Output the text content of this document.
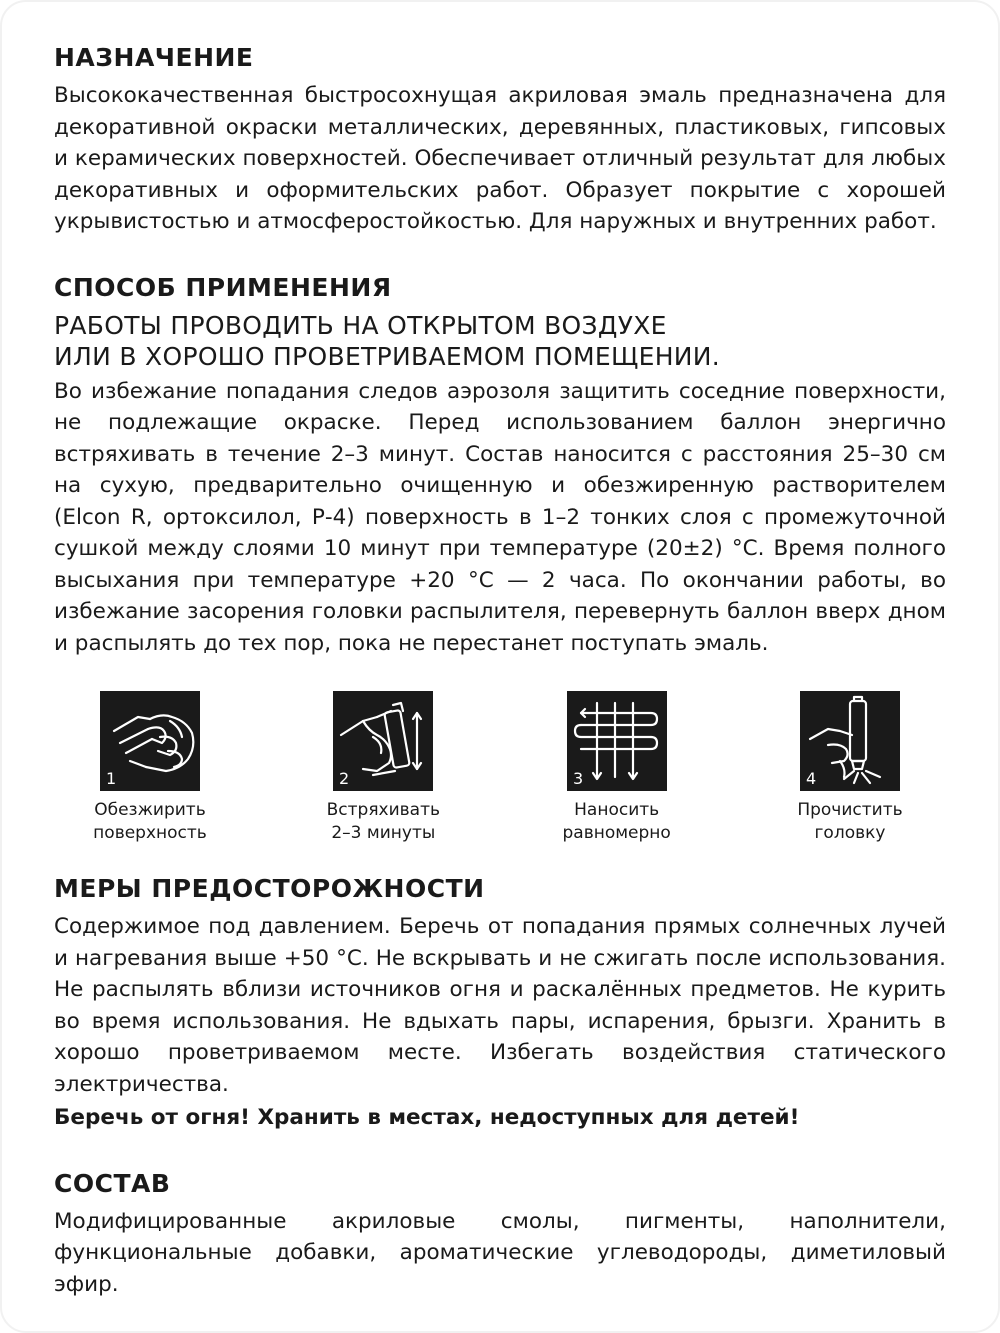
НАЗНАЧЕНИЕ

Высококачественная быстросохнущая акриловая эмаль предназначена для декоративной окраски металлических, деревянных, пластиковых, гипсовых и керамических поверхностей. Обеспечивает отличный результат для любых декоративных и оформительских работ. Образует покрытие с хорошей укрывистостью и атмосферостойкостью. Для наружных и внутренних работ.

СПОСОБ ПРИМЕНЕНИЯ
РАБОТЫ ПРОВОДИТЬ НА ОТКРЫТОМ ВОЗДУХЕ
ИЛИ В ХОРОШО ПРОВЕТРИВАЕМОМ ПОМЕЩЕНИИ.

Во избежание попадания следов аэрозоля защитить соседние поверхности, не подлежащие окраске. Перед использованием баллон энергично встряхивать в течение 2–3 минут. Состав наносится с расстояния 25–30 см на сухую, предварительно очищенную и обезжиренную растворителем (Elcon R, ортоксилол, Р-4) поверхность в 1–2 тонких слоя с промежуточной сушкой между слоями 10 минут при температуре (20±2) °С. Время полного высыхания при температуре +20 °С — 2 часа. По окончании работы, во избежание засорения головки распылителя, перевернуть баллон вверх дном и распылять до тех пор, пока не перестанет поступать эмаль.

1
Обезжирить
поверхность
2
Встряхивать
2–3 минуты
3
Наносить
равномерно
4
Прочистить
головку
МЕРЫ ПРЕДОСТОРОЖНОСТИ

Содержимое под давлением. Беречь от попадания прямых солнечных лучей и нагревания выше +50 °С. Не вскрывать и не сжигать после использования. Не распылять вблизи источников огня и раскалённых предметов. Не курить во время использования. Не вдыхать пары, испарения, брызги. Хранить в хорошо проветриваемом месте. Избегать воздействия статического электричества.

Беречь от огня! Хранить в местах, недоступных для детей!

СОСТАВ

Модифицированные акриловые смолы, пигменты, наполнители, функциональные добавки, ароматические углеводороды, диметиловый эфир.
